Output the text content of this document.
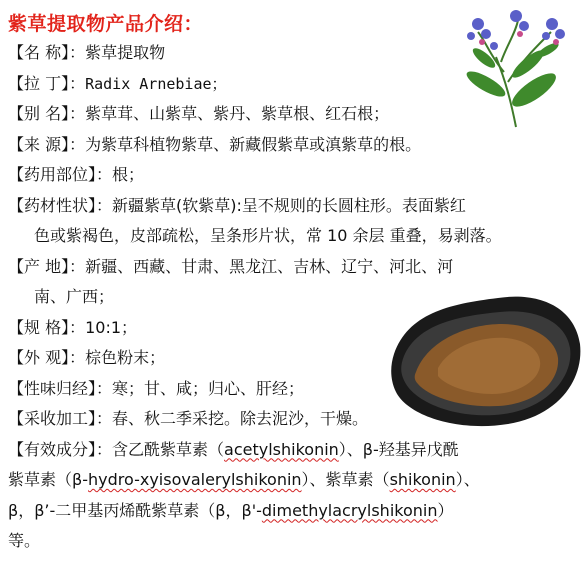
紫草提取物产品介绍：
【名 称】：紫草提取物
【拉 丁】：Radix Arnebiae；
【别 名】：紫草茸、山紫草、紫丹、紫草根、红石根；
【来 源】：为紫草科植物紫草、新藏假紫草或滇紫草的根。
【药用部位】：根；
【药材性状】：新疆紫草(软紫草):呈不规则的长圆柱形。表面紫红
色或紫褐色，皮部疏松，呈条形片状，常 10 余层 重叠，易剥落。
【产 地】：新疆、西藏、甘肃、黑龙江、吉林、辽宁、河北、河
南、广西；
【规 格】：10:1；
【外 观】：棕色粉末；
【性味归经】：寒；甘、咸；归心、肝经；
【采收加工】：春、秋二季采挖。除去泥沙，干燥。
【有效成分】：含乙酰紫草素（acetylshikonin）、β-羟基异戊酰
紫草素（β-hydro-xyisovalerylshikonin）、紫草素（shikonin）、
β，β’-二甲基丙烯酰紫草素（β，β'-dimethylacrylshikonin）
等。
